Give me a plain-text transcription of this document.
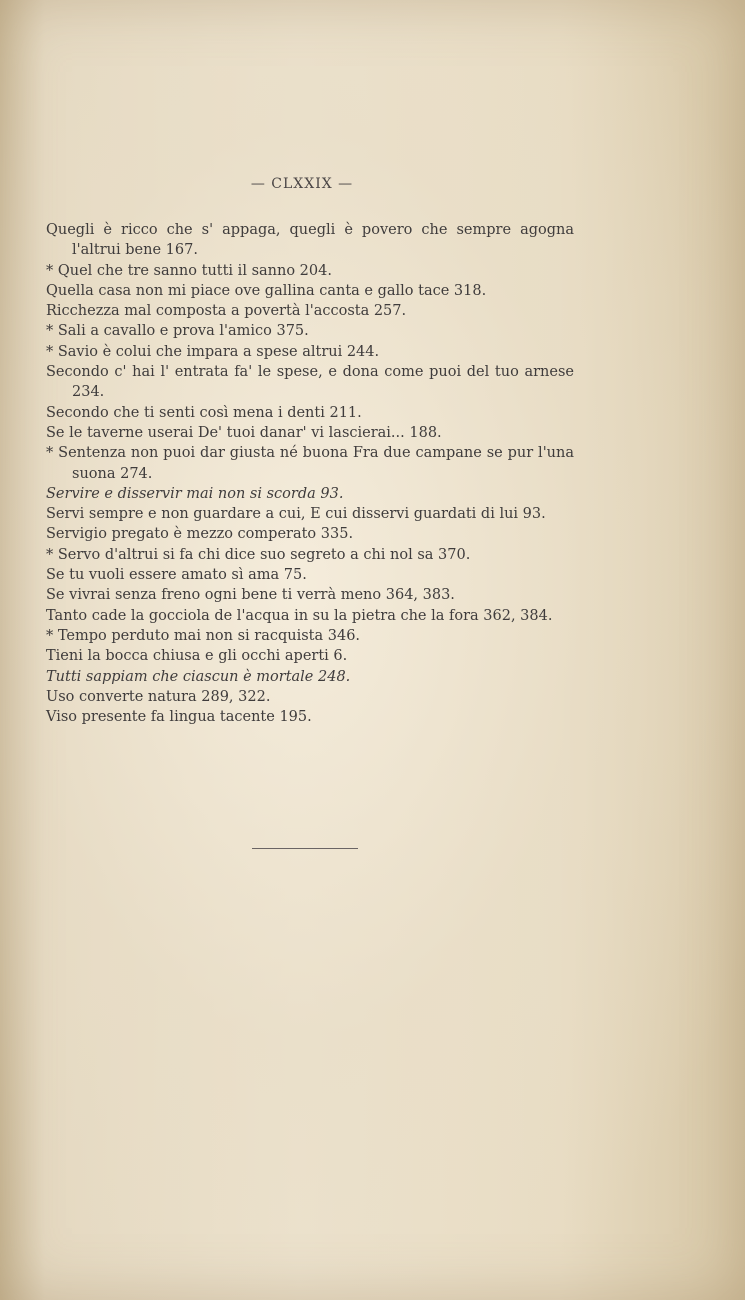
— CLXXIX —

Quegli è ricco che s' appaga, quegli è povero che sempre agogna l'altrui bene 167.

* Quel che tre sanno tutti il sanno 204.

Quella casa non mi piace ove gallina canta e gallo tace 318.

Ricchezza mal composta a povertà l'accosta 257.

* Sali a cavallo e prova l'amico 375.

* Savio è colui che impara a spese altrui 244.

Secondo c' hai l' entrata fa' le spese, e dona come puoi del tuo arnese 234.

Secondo che ti senti così mena i denti 211.

Se le taverne userai De' tuoi danar' vi lascierai... 188.

* Sentenza non puoi dar giusta né buona Fra due campane se pur l'una suona 274.

Servire e disservir mai non si scorda 93.

Servi sempre e non guardare a cui, E cui disservi guardati di lui 93.

Servigio pregato è mezzo comperato 335.

* Servo d'altrui si fa chi dice suo segreto a chi nol sa 370.

Se tu vuoli essere amato sì ama 75.

Se vivrai senza freno ogni bene ti verrà meno 364, 383.

Tanto cade la gocciola de l'acqua in su la pietra che la fora 362, 384.

* Tempo perduto mai non si racquista 346.

Tieni la bocca chiusa e gli occhi aperti 6.

Tutti sappiam che ciascun è mortale 248.

Uso converte natura 289, 322.

Viso presente fa lingua tacente 195.
